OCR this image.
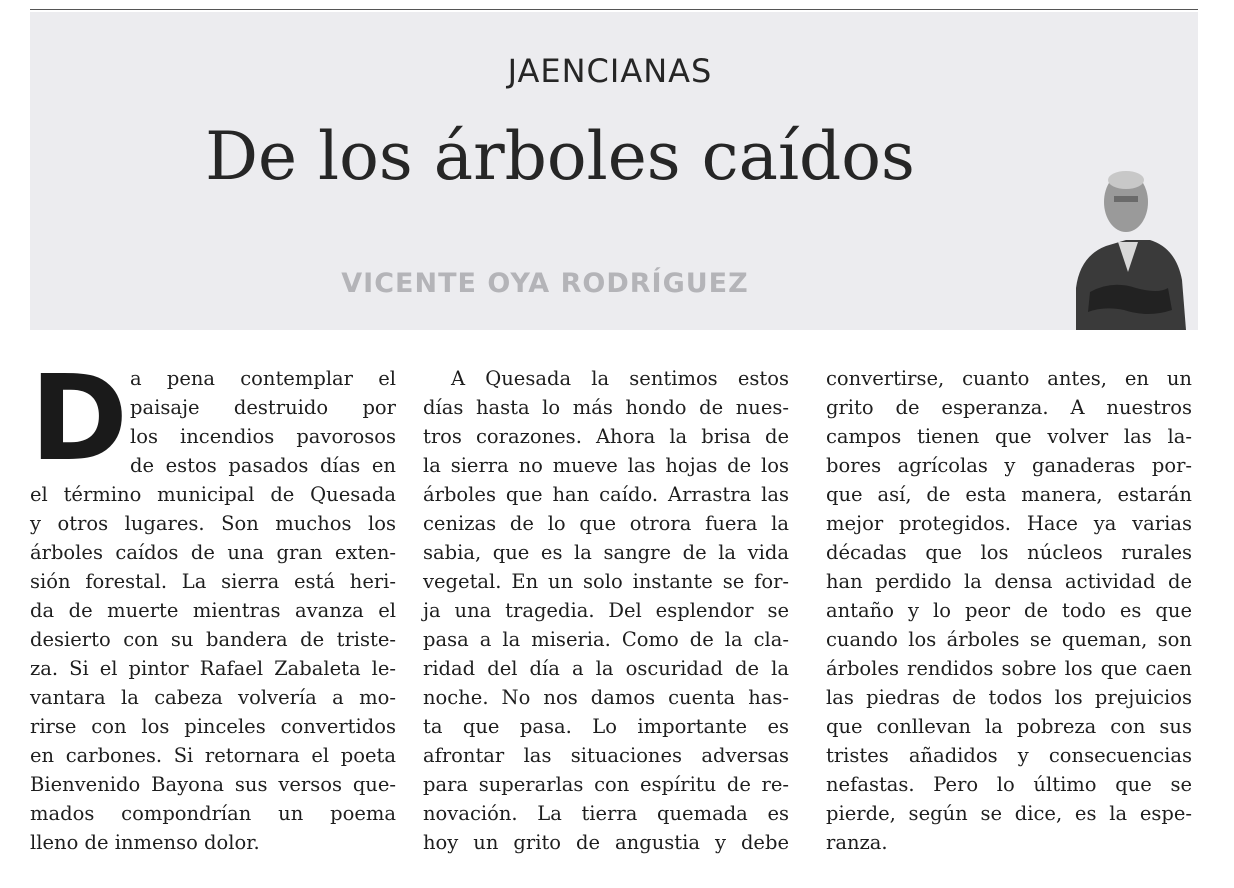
JAENCIANAS
De los árboles caídos
VICENTE OYA RODRÍGUEZ
D a pena contemplar el
paisaje destruido por
los incendios pavorosos
de estos pasados días en
el término municipal de Quesada
y otros lugares. Son muchos los
árboles caídos de una gran exten-
sión forestal. La sierra está heri-
da de muerte mientras avanza el
desierto con su bandera de triste-
za. Si el pintor Rafael Zabaleta le-
vantara la cabeza volvería a mo-
rirse con los pinceles convertidos
en carbones. Si retornara el poeta
Bienvenido Bayona sus versos que-
mados compondrían un poema
lleno de inmenso dolor.
A Quesada la sentimos estos
días hasta lo más hondo de nues-
tros corazones. Ahora la brisa de
la sierra no mueve las hojas de los
árboles que han caído. Arrastra las
cenizas de lo que otrora fuera la
sabia, que es la sangre de la vida
vegetal. En un solo instante se for-
ja una tragedia. Del esplendor se
pasa a la miseria. Como de la cla-
ridad del día a la oscuridad de la
noche. No nos damos cuenta has-
ta que pasa. Lo importante es
afrontar las situaciones adversas
para superarlas con espíritu de re-
novación. La tierra quemada es
hoy un grito de angustia y debe
convertirse, cuanto antes, en un
grito de esperanza. A nuestros
campos tienen que volver las la-
bores agrícolas y ganaderas por-
que así, de esta manera, estarán
mejor protegidos. Hace ya varias
décadas que los núcleos rurales
han perdido la densa actividad de
antaño y lo peor de todo es que
cuando los árboles se queman, son
árboles rendidos sobre los que caen
las piedras de todos los prejuicios
que conllevan la pobreza con sus
tristes añadidos y consecuencias
nefastas. Pero lo último que se
pierde, según se dice, es la espe-
ranza.
